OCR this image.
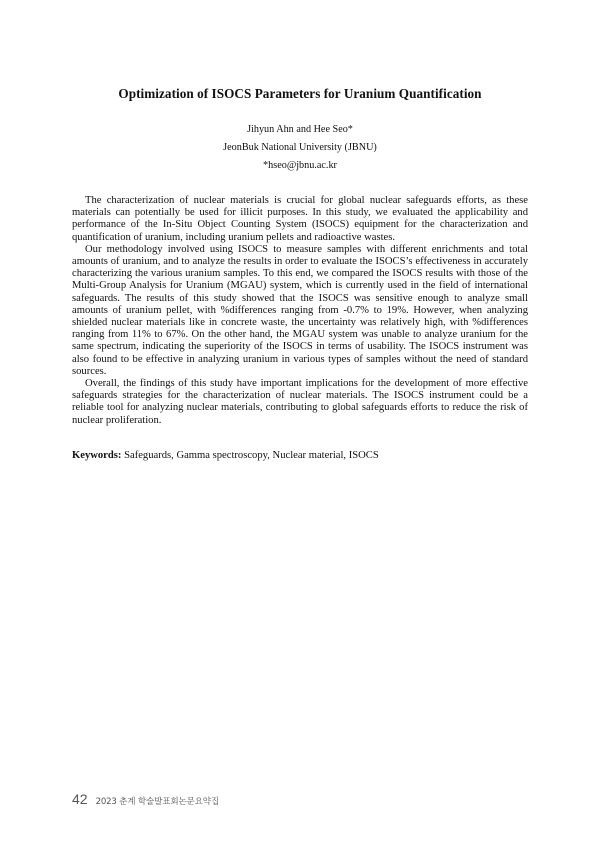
Optimization of ISOCS Parameters for Uranium Quantification
Jihyun Ahn and Hee Seo*
JeonBuk National University (JBNU)
*hseo@jbnu.ac.kr

The characterization of nuclear materials is crucial for global nuclear safeguards efforts, as these materials can potentially be used for illicit purposes. In this study, we evaluated the applicability and performance of the In-Situ Object Counting System (ISOCS) equipment for the characterization and quantification of uranium, including uranium pellets and radioactive wastes.

Our methodology involved using ISOCS to measure samples with different enrichments and total amounts of uranium, and to analyze the results in order to evaluate the ISOCS’s effectiveness in accurately characterizing the various uranium samples. To this end, we compared the ISOCS results with those of the Multi-Group Analysis for Uranium (MGAU) system, which is currently used in the field of international safeguards. The results of this study showed that the ISOCS was sensitive enough to analyze small amounts of uranium pellet, with %differences ranging from -0.7% to 19%. However, when analyzing shielded nuclear materials like in concrete waste, the uncertainty was relatively high, with %differences ranging from 11% to 67%. On the other hand, the MGAU system was unable to analyze uranium for the same spectrum, indicating the superiority of the ISOCS in terms of usability. The ISOCS instrument was also found to be effective in analyzing uranium in various types of samples without the need of standard sources.

Overall, the findings of this study have important implications for the development of more effective safeguards strategies for the characterization of nuclear materials. The ISOCS instrument could be a reliable tool for analyzing nuclear materials, contributing to global safeguards efforts to reduce the risk of nuclear proliferation.

Keywords: Safeguards, Gamma spectroscopy, Nuclear material, ISOCS
42 2023 춘계 학술발표회논문요약집
